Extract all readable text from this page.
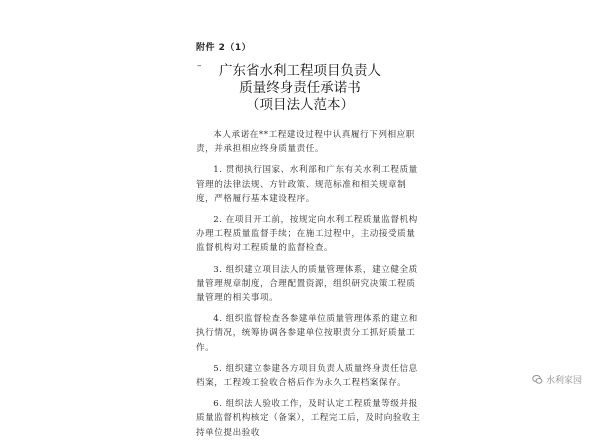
附件 2（1）
–	广东省水利工程项目负责人
质量终身责任承诺书
（项目法人范本）

本人承诺在**工程建设过程中认真履行下列相应职责，并承担相应终身质量责任。

1. 贯彻执行国家、水利部和广东有关水利工程质量管理的法律法规、方针政策、规范标准和相关规章制度，严格履行基本建设程序。

2. 在项目开工前，按规定向水利工程质量监督机构办理工程质量监督手续；在施工过程中，主动接受质量监督机构对工程质量的监督检查。

3. 组织建立项目法人的质量管理体系，建立健全质量管理规章制度，合理配置资源，组织研究决策工程质量管理的相关事项。

4. 组织监督检查各参建单位质量管理体系的建立和执行情况，统筹协调各参建单位按职责分工抓好质量工作。

5. 组织建立参建各方项目负责人质量终身责任信息档案，工程竣工验收合格后作为永久工程档案保存。

6. 组织法人验收工作，及时认定工程质量等级并报质量监督机构核定（备案），工程完工后，及时向验收主持单位提出验收

水利家园
